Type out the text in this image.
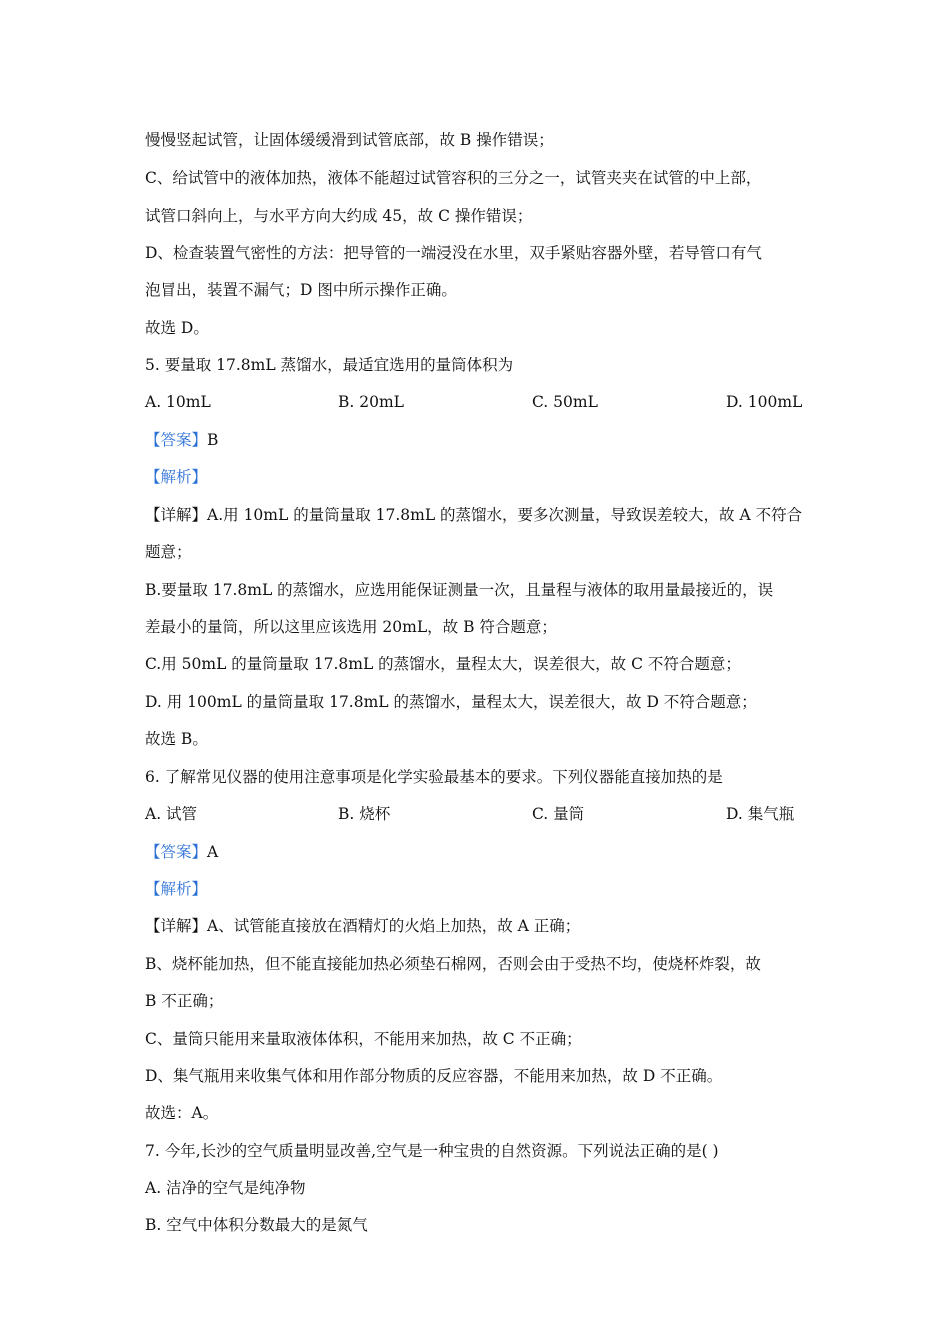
慢慢竖起试管，让固体缓缓滑到试管底部，故 B 操作错误；
C、给试管中的液体加热，液体不能超过试管容积的三分之一，试管夹夹在试管的中上部，
试管口斜向上，与水平方向大约成 45，故 C 操作错误；
D、检查装置气密性的方法：把导管的一端浸没在水里，双手紧贴容器外壁，若导管口有气
泡冒出，装置不漏气；D 图中所示操作正确。
故选 D。
5. 要量取 17.8mL 蒸馏水，最适宜选用的量筒体积为
A. 10mL	B. 20mL	C. 50mL	D. 100mL
【答案】B
【解析】
【详解】A.用 10mL 的量筒量取 17.8mL 的蒸馏水，要多次测量，导致误差较大，故 A 不符合
题意；
B.要量取 17.8mL 的蒸馏水，应选用能保证测量一次，且量程与液体的取用量最接近的，误
差最小的量筒，所以这里应该选用 20mL，故 B 符合题意；
C.用 50mL 的量筒量取 17.8mL 的蒸馏水，量程太大，误差很大，故 C 不符合题意；
D. 用 100mL 的量筒量取 17.8mL 的蒸馏水，量程太大，误差很大，故 D 不符合题意；
故选 B。
6. 了解常见仪器的使用注意事项是化学实验最基本的要求。下列仪器能直接加热的是
A. 试管	B. 烧杯	C. 量筒	D. 集气瓶
【答案】A
【解析】
【详解】A、试管能直接放在酒精灯的火焰上加热，故 A 正确；
B、烧杯能加热，但不能直接能加热必须垫石棉网，否则会由于受热不均，使烧杯炸裂，故
B 不正确；
C、量筒只能用来量取液体体积，不能用来加热，故 C 不正确；
D、集气瓶用来收集气体和用作部分物质的反应容器，不能用来加热，故 D 不正确。
故选：A。
7. 今年,长沙的空气质量明显改善,空气是一种宝贵的自然资源。下列说法正确的是( )
A. 洁净的空气是纯净物
B. 空气中体积分数最大的是氮气
